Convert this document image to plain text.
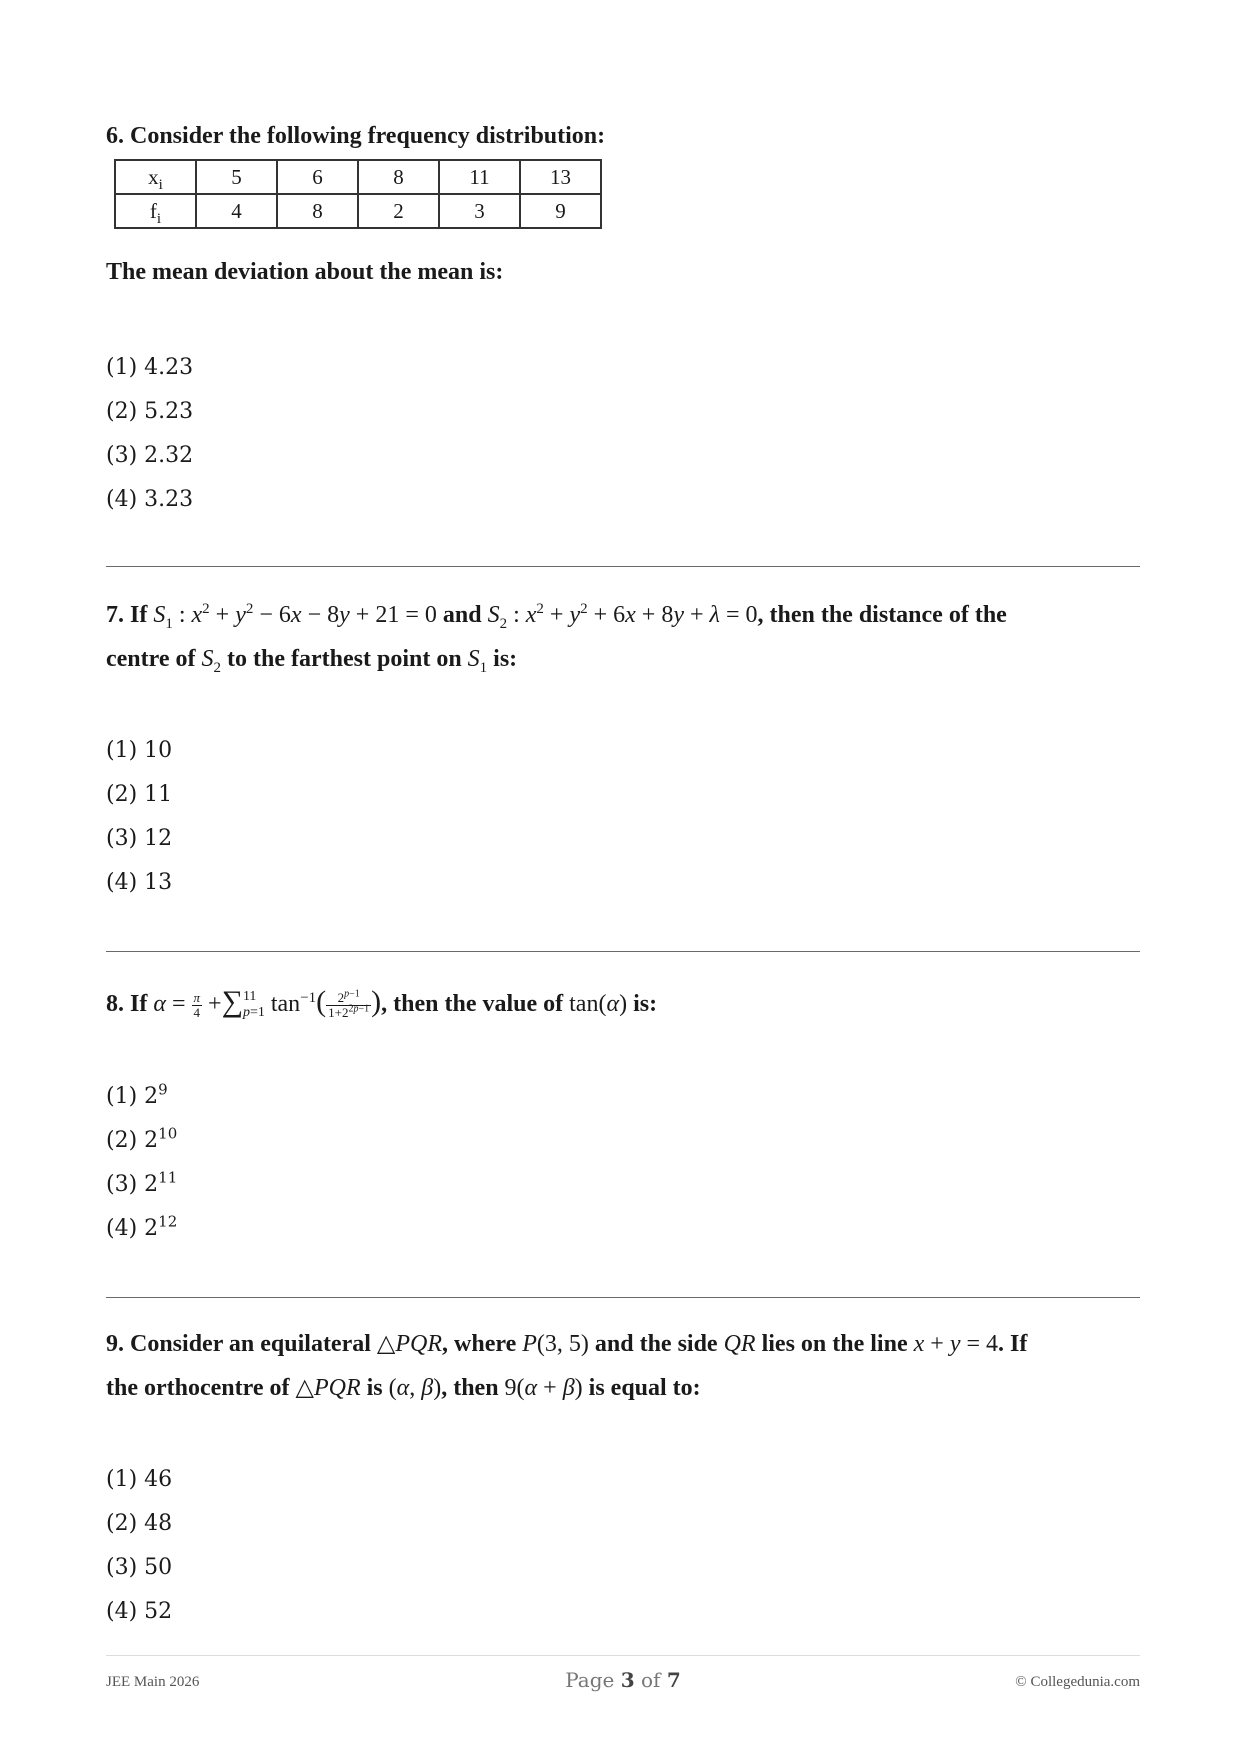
6. Consider the following frequency distribution:
$x_i$	5	6	8	11	13
$f_i$	4	8	2	3	9
The mean deviation about the mean is:
(1) 4.23
(2) 5.23
(3) 2.32
(4) 3.23
7. If $S_1$ : $x^2 + y^2 - 6x - 8y + 21 = 0$ and $S_2$ : $x^2 + y^2 + 6x + 8y + \lambda = 0$, then the distance of the
centre of $S_2$ to the farthest point on $S_1$ is:
(1) 10
(2) 11
(3) 12
(4) 13
8. If $\alpha = \frac{\pi}{4}$ +∑ 11
p=1 $\tan^{-1}( \frac{2^{p-1}}{1+2^{2p-1}}$ ), then the value of tan(α) is:
(1) $2^9$
(2) $2^{10}$
(3) $2^{11}$
(4) $2^{12}$
9. Consider an equilateral △PQR, where P(3, 5) and the side QR lies on the line x + y = 4. If
the orthocentre of △PQR is (α, β), then 9(α + β) is equal to:
(1) 46
(2) 48
(3) 50
(4) 52
JEE Main 2026	Page 3 of 7	© Collegedunia.com
